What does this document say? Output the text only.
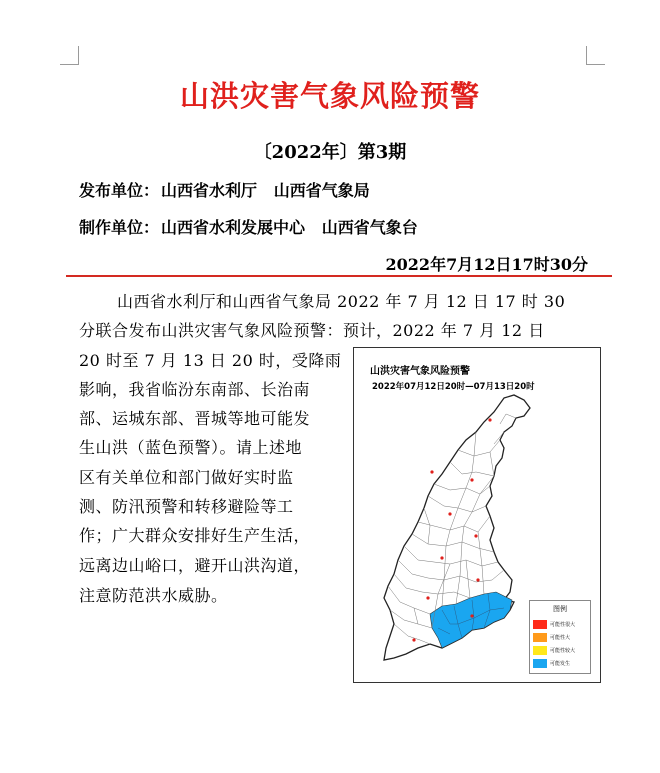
山洪灾害气象风险预警
〔2022年〕第3期
发布单位： 山西省水利厅   山西省气象局
制作单位： 山西省水利发展中心   山西省气象台
2022年7月12日17时30分
山西省水利厅和山西省气象局 2022 年 7 月 12 日 17 时 30
分联合发布山洪灾害气象风险预警：预计，2022 年 7 月 12 日
20 时至 7 月 13 日 20 时，受降雨
影响，我省临汾东南部、长治南
部、运城东部、晋城等地可能发
生山洪（蓝色预警）。请上述地
区有关单位和部门做好实时监
测、防汛预警和转移避险等工
作；广大群众安排好生产生活，
远离边山峪口，避开山洪沟道，
注意防范洪水威胁。
山洪灾害气象风险预警
2022年07月12日20时—07月13日20时
图例
可能性很大
可能性大
可能性较大
可能发生
